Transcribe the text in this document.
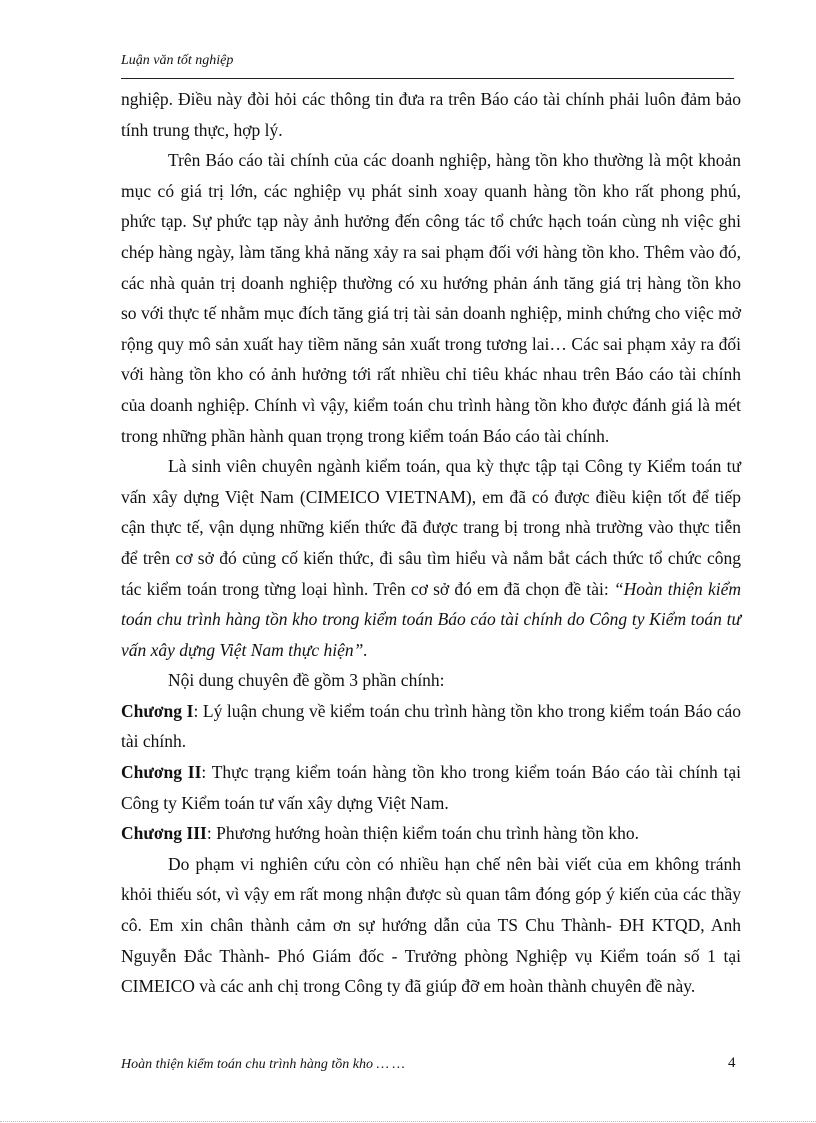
Luận văn tốt nghiệp

nghiệp. Điều này đòi hỏi các thông tin đưa ra trên Báo cáo tài chính phải luôn đảm bảo tính trung thực, hợp lý.

Trên Báo cáo tài chính của các doanh nghiệp, hàng tồn kho thường là một khoản mục có giá trị lớn, các nghiệp vụ phát sinh xoay quanh hàng tồn kho rất phong phú, phức tạp. Sự phức tạp này ảnh hưởng đến công tác tổ chức hạch toán cùng nh việc ghi chép hàng ngày, làm tăng khả năng xảy ra sai phạm đối với hàng tồn kho. Thêm vào đó, các nhà quản trị doanh nghiệp thường có xu hướng phản ánh tăng giá trị hàng tồn kho so với thực tế nhằm mục đích tăng giá trị tài sản doanh nghiệp, minh chứng cho việc mở rộng quy mô sản xuất hay tiềm năng sản xuất trong tương lai… Các sai phạm xảy ra đối với hàng tồn kho có ảnh hưởng tới rất nhiều chỉ tiêu khác nhau trên Báo cáo tài chính của doanh nghiệp. Chính vì vậy, kiểm toán chu trình hàng tồn kho được đánh giá là mét trong những phần hành quan trọng trong kiểm toán Báo cáo tài chính.

Là sinh viên chuyên ngành kiểm toán, qua kỳ thực tập tại Công ty Kiểm toán tư vấn xây dựng Việt Nam (CIMEICO VIETNAM), em đã có được điều kiện tốt để tiếp cận thực tế, vận dụng những kiến thức đã được trang bị trong nhà trường vào thực tiễn để trên cơ sở đó củng cố kiến thức, đi sâu tìm hiểu và nắm bắt cách thức tổ chức công tác kiểm toán trong từng loại hình. Trên cơ sở đó em đã chọn đề tài: “Hoàn thiện kiểm toán chu trình hàng tồn kho trong kiểm toán Báo cáo tài chính do Công ty Kiểm toán tư vấn xây dựng Việt Nam thực hiện”.

Nội dung chuyên đề gồm 3 phần chính:

Chương I: Lý luận chung về kiểm toán chu trình hàng tồn kho trong kiểm toán Báo cáo tài chính.

Chương II: Thực trạng kiểm toán hàng tồn kho trong kiểm toán Báo cáo tài chính tại Công ty Kiểm toán tư vấn xây dựng Việt Nam.

Chương III: Phương hướng hoàn thiện kiểm toán chu trình hàng tồn kho.

Do phạm vi nghiên cứu còn có nhiều hạn chế nên bài viết của em không tránh khỏi thiếu sót, vì vậy em rất mong nhận được sù quan tâm đóng góp ý kiến của các thầy cô. Em xin chân thành cảm ơn sự hướng dẫn của TS Chu Thành- ĐH KTQD, Anh Nguyễn Đắc Thành- Phó Giám đốc - Trưởng phòng Nghiệp vụ Kiểm toán số 1 tại CIMEICO và các anh chị trong Công ty đã giúp đỡ em hoàn thành chuyên đề này.

Hoàn thiện kiểm toán chu trình hàng tồn kho … …	4
